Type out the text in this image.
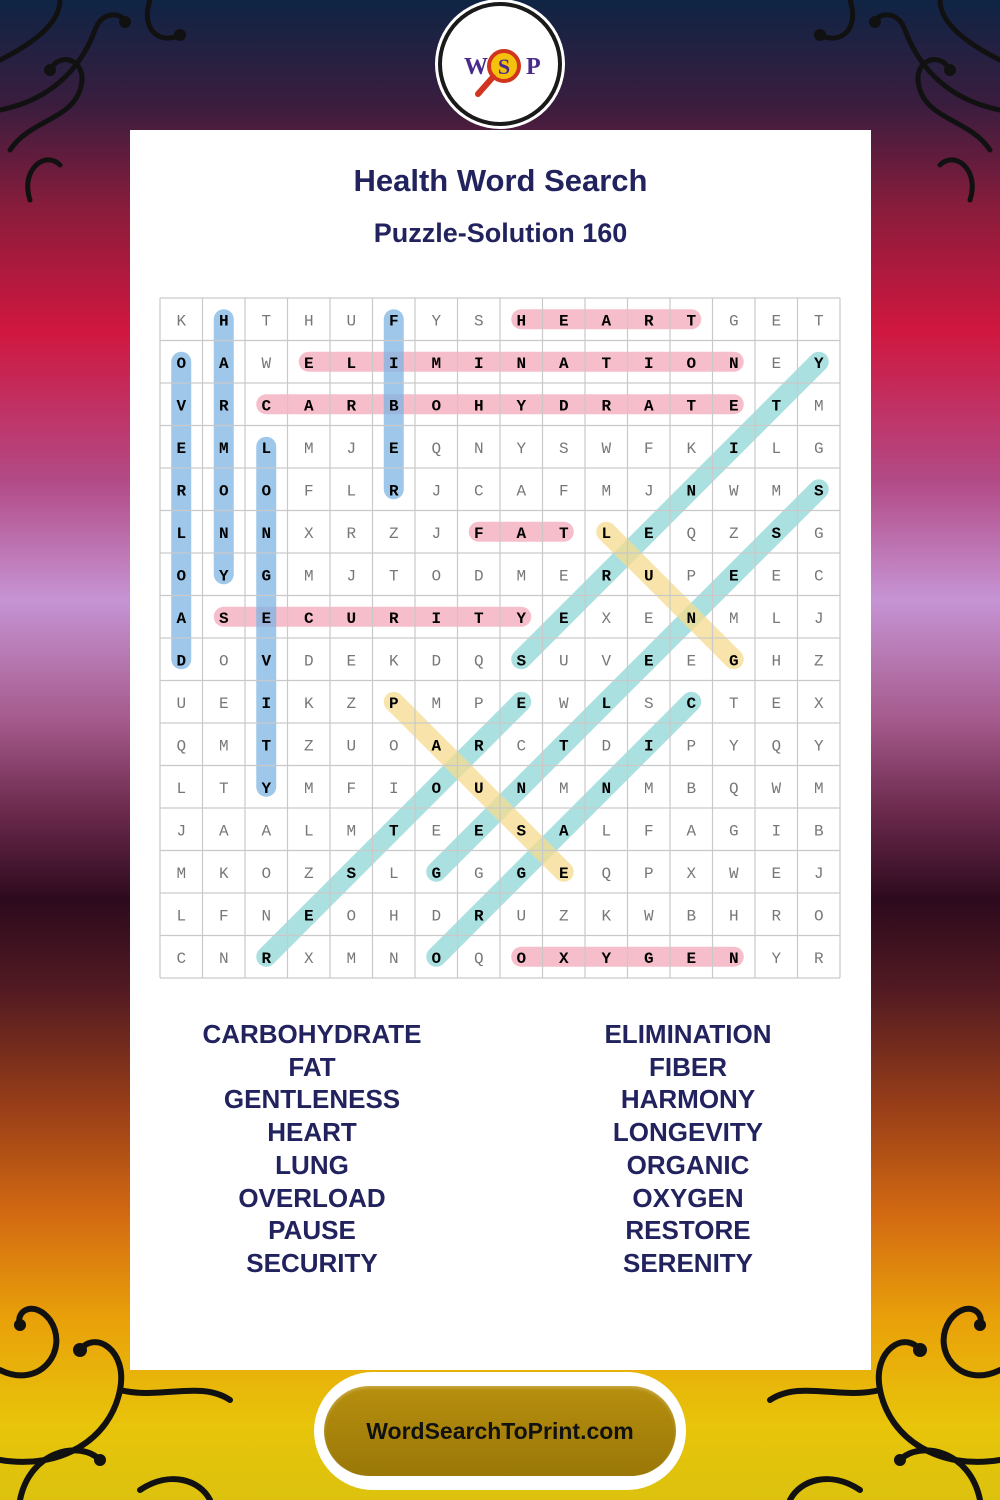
W S P
Health Word Search
Puzzle-Solution 160
K H T H U F Y S H E A R T G E T
O A W E L I M I N A T I O N E Y
V R C A R B O H Y D R A T E T M
E M L M J E Q N Y S W F K I L G
R O O F L R J C A F M J N W M S
L N N X R Z J F A T L E Q Z S G
O Y G M J T O D M E R U P E E C
A S E C U R I T Y E X E N M L J
D O V D E K D Q S U V E E G H Z
U E I K Z P M P E W L S C T E X
Q M T Z U O A R C T D I P Y Q Y
L T Y M F I O U N M N M B Q W M
J A A L M T E E S A L F A G I B
M K O Z S L G G G E Q P X W E J
L F N E O H D R U Z K W B H R O
C N R X M N O Q O X Y G E N Y R
CARBOHYDRATE
FAT
GENTLENESS
HEART
LUNG
OVERLOAD
PAUSE
SECURITY
ELIMINATION
FIBER
HARMONY
LONGEVITY
ORGANIC
OXYGEN
RESTORE
SERENITY
WordSearchToPrint.com
